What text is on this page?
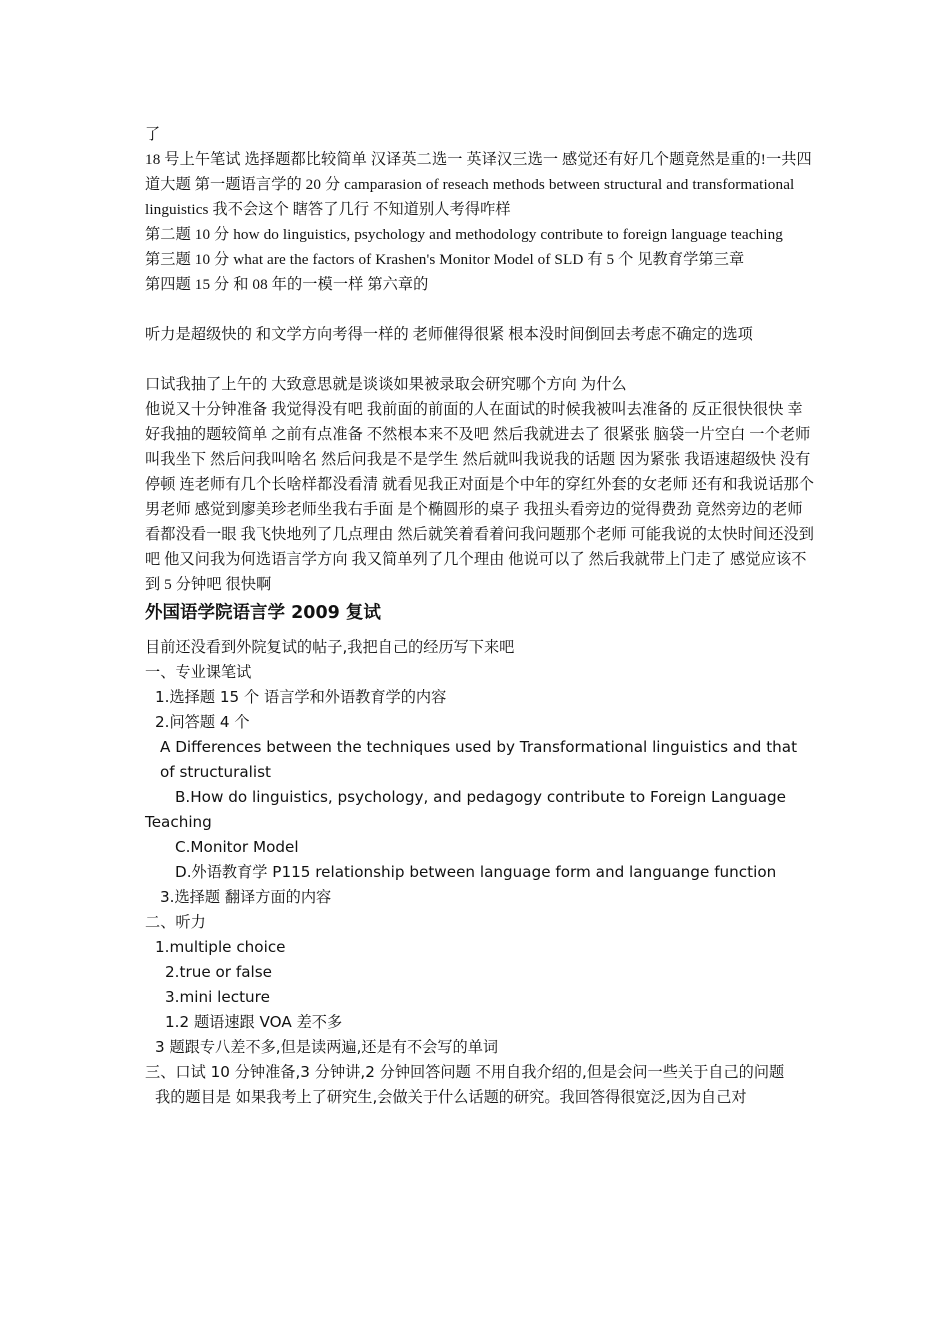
了

18 号上午笔试 选择题都比较简单 汉译英二选一 英译汉三选一 感觉还有好几个题竟然是重的!一共四道大题 第一题语言学的 20 分 camparasion of reseach methods between structural and transformational linguistics 我不会这个 瞎答了几行 不知道别人考得咋样

第二题 10 分 how do linguistics, psychology and methodology contribute to foreign language teaching

第三题 10 分 what are the factors of Krashen's Monitor Model of SLD 有 5 个 见教育学第三章

第四题 15 分 和 08 年的一模一样 第六章的

听力是超级快的 和文学方向考得一样的 老师催得很紧 根本没时间倒回去考虑不确定的选项

口试我抽了上午的 大致意思就是谈谈如果被录取会研究哪个方向 为什么

他说又十分钟准备 我觉得没有吧 我前面的前面的人在面试的时候我被叫去准备的 反正很快很快 幸好我抽的题较简单 之前有点准备 不然根本来不及吧 然后我就进去了 很紧张 脑袋一片空白 一个老师叫我坐下 然后问我叫啥名 然后问我是不是学生 然后就叫我说我的话题 因为紧张 我语速超级快 没有停顿 连老师有几个长啥样都没看清 就看见我正对面是个中年的穿红外套的女老师 还有和我说话那个男老师 感觉到廖美珍老师坐我右手面 是个椭圆形的桌子 我扭头看旁边的觉得费劲 竟然旁边的老师看都没看一眼 我飞快地列了几点理由 然后就笑着看着问我问题那个老师 可能我说的太快时间还没到吧 他又问我为何选语言学方向 我又简单列了几个理由 他说可以了 然后我就带上门走了 感觉应该不到 5 分钟吧 很快啊

外国语学院语言学 2009 复试

目前还没看到外院复试的帖子,我把自己的经历写下来吧

一、专业课笔试

1.选择题 15 个 语言学和外语教育学的内容

2.问答题 4 个

A Differences between the techniques used by Transformational linguistics and that of structuralist

B.How do linguistics, psychology, and pedagogy contribute to Foreign Language Teaching

C.Monitor Model

D.外语教育学 P115 relationship between language form and languange function

3.选择题 翻译方面的内容

二、听力

1.multiple choice

2.true or false

3.mini lecture

1.2 题语速跟 VOA 差不多

3 题跟专八差不多,但是读两遍,还是有不会写的单词

三、口试 10 分钟准备,3 分钟讲,2 分钟回答问题 不用自我介绍的,但是会问一些关于自己的问题

我的题目是 如果我考上了研究生,会做关于什么话题的研究。我回答得很宽泛,因为自己对
